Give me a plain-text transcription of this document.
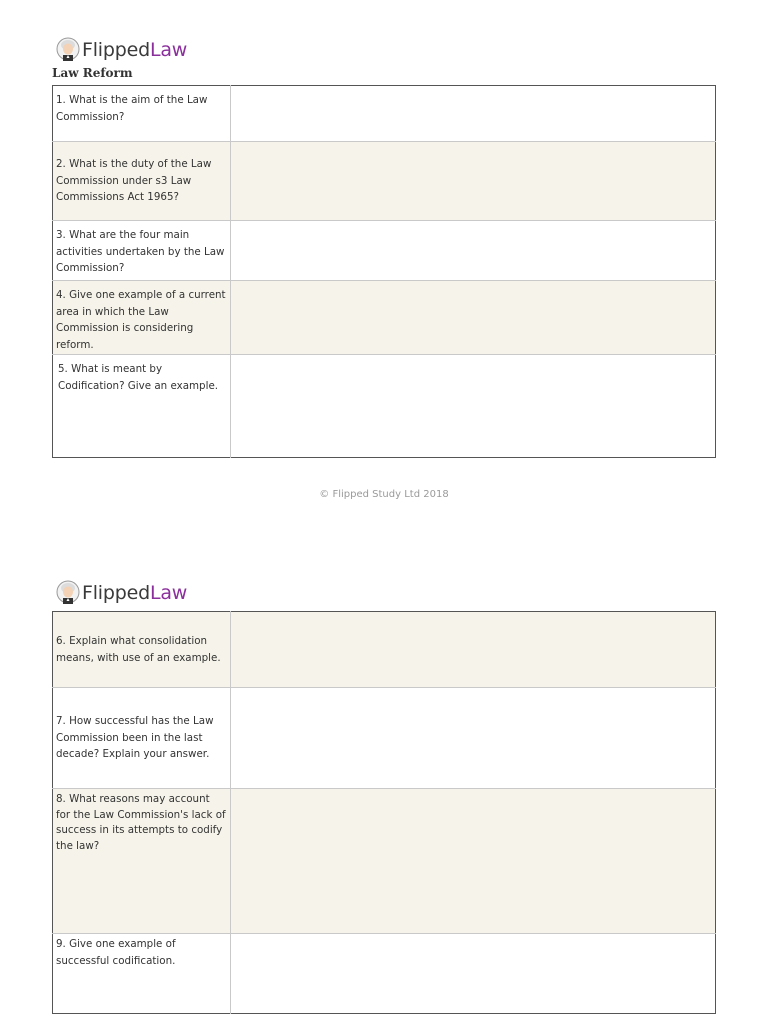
FlippedLaw
Law Reform
1. What is the aim of the Law Commission?	
2. What is the duty of the Law Commission under s3 Law Commissions Act 1965?	
3. What are the four main activities undertaken by the Law Commission?	
4. Give one example of a current area in which the Law Commission is considering reform.	
5. What is meant by Codification? Give an example.	
© Flipped Study Ltd 2018
FlippedLaw
6. Explain what consolidation means, with use of an example.	
7. How successful has the Law Commission been in the last decade? Explain your answer.	
8. What reasons may account for the Law Commission's lack of success in its attempts to codify the law?	
9. Give one example of successful codification.	
